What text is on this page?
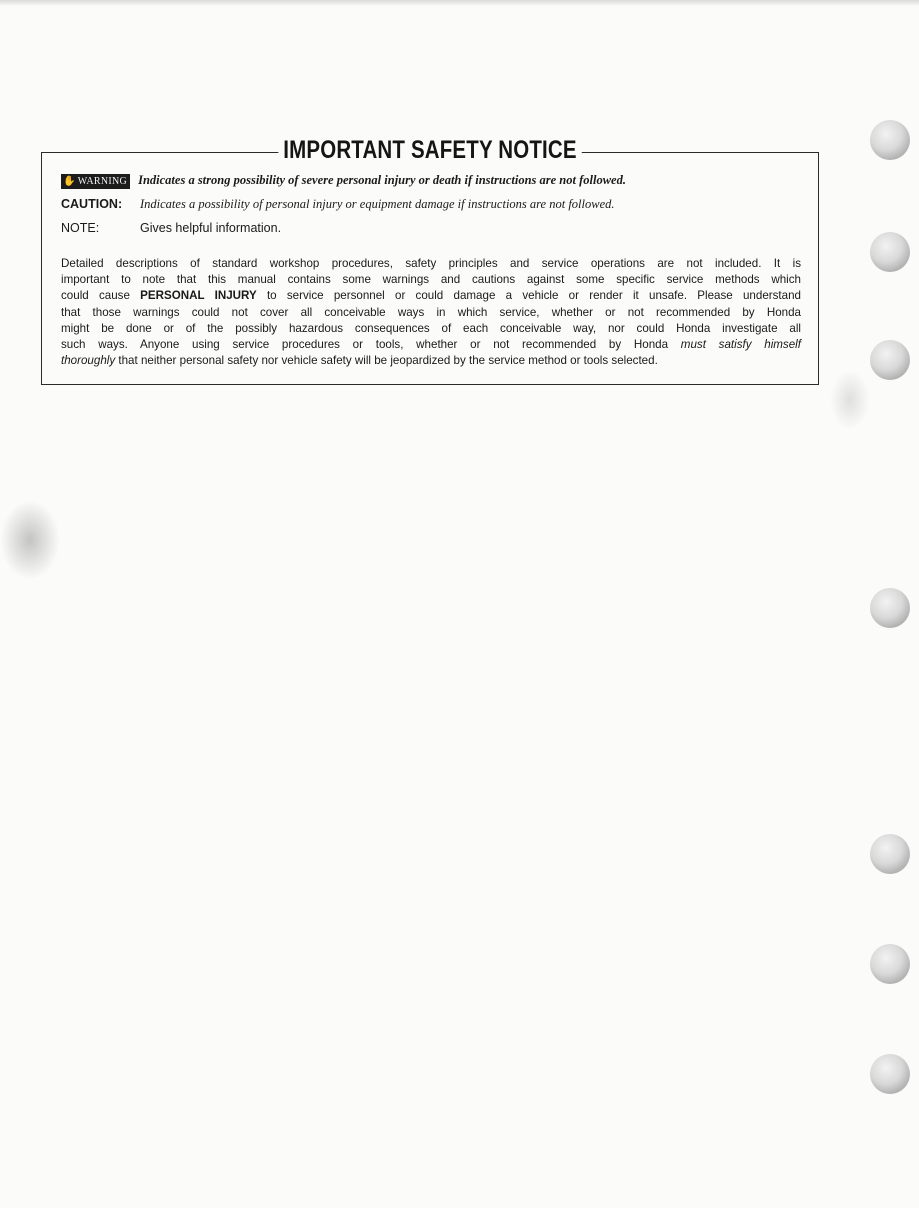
IMPORTANT SAFETY NOTICE
✋ WARNING Indicates a strong possibility of severe personal injury or death if instructions are not followed.
CAUTION:	Indicates a possibility of personal injury or equipment damage if instructions are not followed.
NOTE:	Gives helpful information.
Detailed descriptions of standard workshop procedures, safety principles and service operations are not included. It is
important to note that this manual contains some warnings and cautions against some specific service methods which
could cause PERSONAL INJURY to service personnel or could damage a vehicle or render it unsafe. Please understand
that those warnings could not cover all conceivable ways in which service, whether or not recommended by Honda
might be done or of the possibly hazardous consequences of each conceivable way, nor could Honda investigate all
such ways. Anyone using service procedures or tools, whether or not recommended by Honda must satisfy himself
thoroughly that neither personal safety nor vehicle safety will be jeopardized by the service method or tools selected.
